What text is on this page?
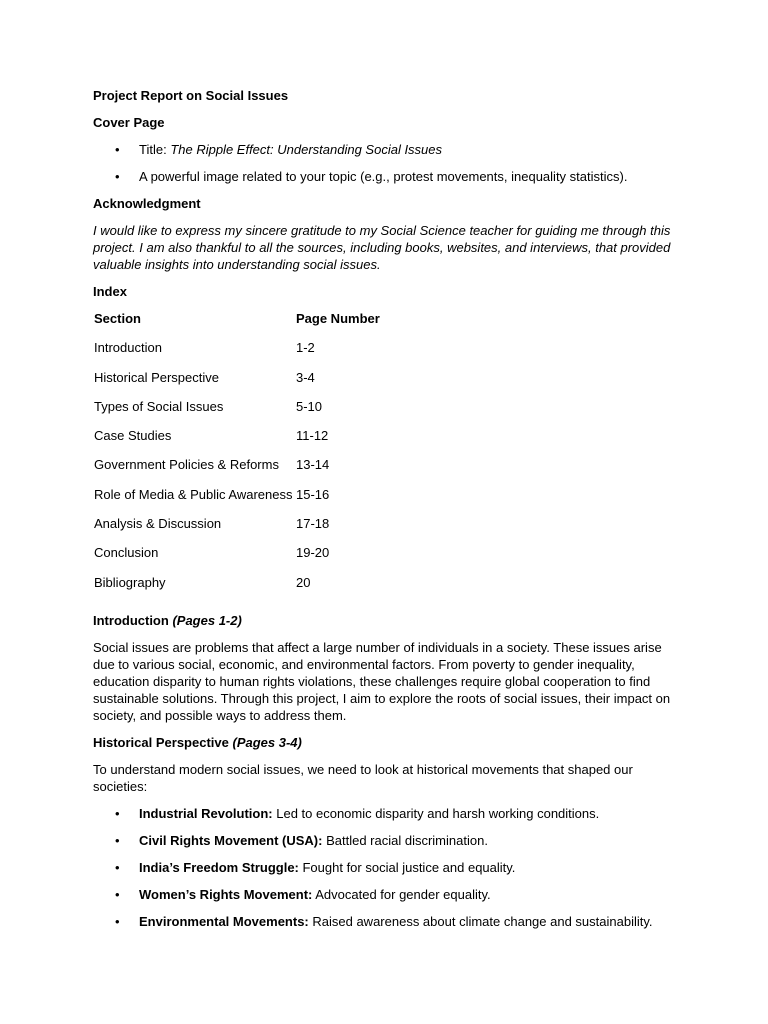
Project Report on Social Issues

Cover Page

• Title: The Ripple Effect: Understanding Social Issues
• A powerful image related to your topic (e.g., protest movements, inequality statistics).

Acknowledgment

I would like to express my sincere gratitude to my Social Science teacher for guiding me through this project. I am also thankful to all the sources, including books, websites, and interviews, that provided valuable insights into understanding social issues.

Index

Section	Page Number
Introduction	1-2
Historical Perspective	3-4
Types of Social Issues	5-10
Case Studies	11-12
Government Policies & Reforms	13-14
Role of Media & Public Awareness	15-16
Analysis & Discussion	17-18
Conclusion	19-20
Bibliography	20

Introduction (Pages 1-2)

Social issues are problems that affect a large number of individuals in a society. These issues arise due to various social, economic, and environmental factors. From poverty to gender inequality, education disparity to human rights violations, these challenges require global cooperation to find sustainable solutions. Through this project, I aim to explore the roots of social issues, their impact on society, and possible ways to address them.

Historical Perspective (Pages 3-4)

To understand modern social issues, we need to look at historical movements that shaped our societies:

• Industrial Revolution: Led to economic disparity and harsh working conditions.
• Civil Rights Movement (USA): Battled racial discrimination.
• India’s Freedom Struggle: Fought for social justice and equality.
• Women’s Rights Movement: Advocated for gender equality.
• Environmental Movements: Raised awareness about climate change and sustainability.
